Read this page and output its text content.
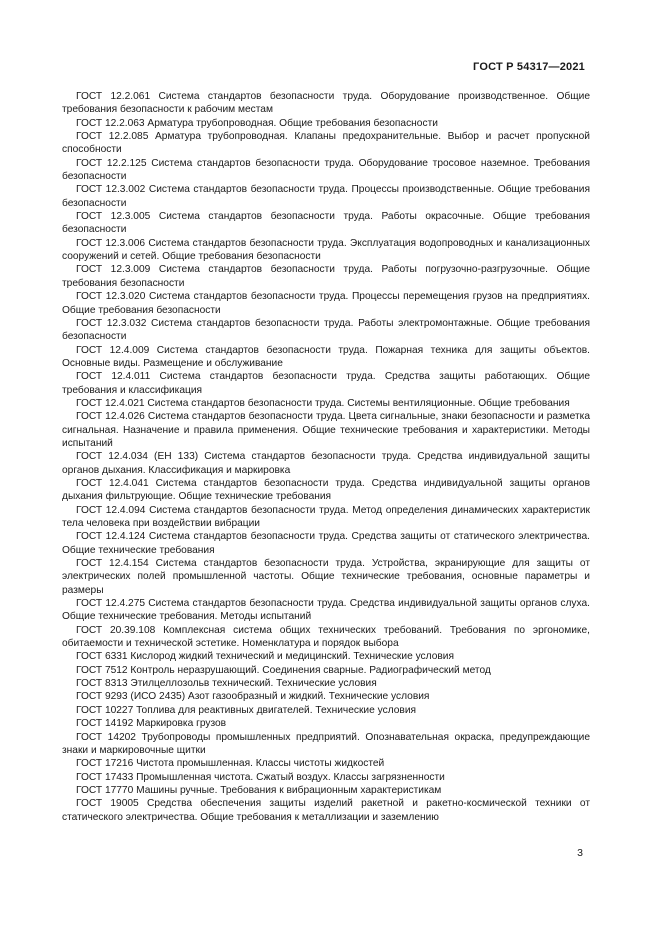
ГОСТ Р 54317—2021

ГОСТ 12.2.061 Система стандартов безопасности труда. Оборудование производственное. Общие требования безопасности к рабочим местам

ГОСТ 12.2.063 Арматура трубопроводная. Общие требования безопасности

ГОСТ 12.2.085 Арматура трубопроводная. Клапаны предохранительные. Выбор и расчет пропускной способности

ГОСТ 12.2.125 Система стандартов безопасности труда. Оборудование тросовое наземное. Требования безопасности

ГОСТ 12.3.002 Система стандартов безопасности труда. Процессы производственные. Общие требования безопасности

ГОСТ 12.3.005 Система стандартов безопасности труда. Работы окрасочные. Общие требования безопасности

ГОСТ 12.3.006 Система стандартов безопасности труда. Эксплуатация водопроводных и канализационных сооружений и сетей. Общие требования безопасности

ГОСТ 12.3.009 Система стандартов безопасности труда. Работы погрузочно-разгрузочные. Общие требования безопасности

ГОСТ 12.3.020 Система стандартов безопасности труда. Процессы перемещения грузов на предприятиях. Общие требования безопасности

ГОСТ 12.3.032 Система стандартов безопасности труда. Работы электромонтажные. Общие требования безопасности

ГОСТ 12.4.009 Система стандартов безопасности труда. Пожарная техника для защиты объектов. Основные виды. Размещение и обслуживание

ГОСТ 12.4.011 Система стандартов безопасности труда. Средства защиты работающих. Общие требования и классификация

ГОСТ 12.4.021 Система стандартов безопасности труда. Системы вентиляционные. Общие требования

ГОСТ 12.4.026 Система стандартов безопасности труда. Цвета сигнальные, знаки безопасности и разметка сигнальная. Назначение и правила применения. Общие технические требования и характеристики. Методы испытаний

ГОСТ 12.4.034 (ЕН 133) Система стандартов безопасности труда. Средства индивидуальной защиты органов дыхания. Классификация и маркировка

ГОСТ 12.4.041 Система стандартов безопасности труда. Средства индивидуальной защиты органов дыхания фильтрующие. Общие технические требования

ГОСТ 12.4.094 Система стандартов безопасности труда. Метод определения динамических характеристик тела человека при воздействии вибрации

ГОСТ 12.4.124 Система стандартов безопасности труда. Средства защиты от статического электричества. Общие технические требования

ГОСТ 12.4.154 Система стандартов безопасности труда. Устройства, экранирующие для защиты от электрических полей промышленной частоты. Общие технические требования, основные параметры и размеры

ГОСТ 12.4.275 Система стандартов безопасности труда. Средства индивидуальной защиты органов слуха. Общие технические требования. Методы испытаний

ГОСТ 20.39.108 Комплексная система общих технических требований. Требования по эргономике, обитаемости и технической эстетике. Номенклатура и порядок выбора

ГОСТ 6331 Кислород жидкий технический и медицинский. Технические условия

ГОСТ 7512 Контроль неразрушающий. Соединения сварные. Радиографический метод

ГОСТ 8313 Этилцеллозольв технический. Технические условия

ГОСТ 9293 (ИСО 2435) Азот газообразный и жидкий. Технические условия

ГОСТ 10227 Топлива для реактивных двигателей. Технические условия

ГОСТ 14192 Маркировка грузов

ГОСТ 14202 Трубопроводы промышленных предприятий. Опознавательная окраска, предупреждающие знаки и маркировочные щитки

ГОСТ 17216 Чистота промышленная. Классы чистоты жидкостей

ГОСТ 17433 Промышленная чистота. Сжатый воздух. Классы загрязненности

ГОСТ 17770 Машины ручные. Требования к вибрационным характеристикам

ГОСТ 19005 Средства обеспечения защиты изделий ракетной и ракетно-космической техники от статического электричества. Общие требования к металлизации и заземлению

3
